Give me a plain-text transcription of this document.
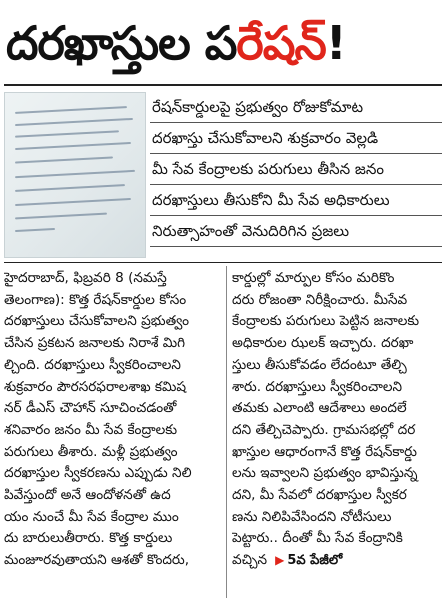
దరఖాస్తుల ప రేషన్ !
రేషన్‌కార్డులపై ప్రభుత్వం రోజుకోమాట
దరఖాస్తు చేసుకోవాలని శుక్రవారం వెల్లడి
మీ సేవ కేంద్రాలకు పరుగులు తీసిన జనం
దరఖాస్తులు తీసుకోని మీ సేవ అధికారులు
నిరుత్సాహంతో వెనుదిరిగిన ప్రజలు
హైదరాబాద్, ఫిబ్రవరి 8 (నమస్తే
తెలంగాణ): కొత్త రేషన్‌కార్డుల కోసం
దరఖాస్తులు చేసుకోవాలని ప్రభుత్వం
చేసిన ప్రకటన జనాలకు నిరాశే మిగి
ల్చింది. దరఖాస్తులు స్వీకరించాలని
శుక్రవారం పౌరసరఫరాలశాఖ కమిష
నర్ డీఎస్ చౌహాన్ సూచించడంతో
శనివారం జనం మీ సేవ కేంద్రాలకు
పరుగులు తీశారు. మళ్లీ ప్రభుత్వం
దరఖాస్తుల స్వీకరణను ఎప్పుడు నిలి
పివేస్తుందో అనే ఆందోళనతో ఉద
యం నుంచే మీ సేవ కేంద్రాల ముం
దు బారులుతీరారు. కొత్త కార్డులు
మంజూరవుతాయని ఆశతో కొందరు,
కార్డుల్లో మార్పుల కోసం మరికొం
దరు రోజంతా నిరీక్షించారు. మీసేవ
కేంద్రాలకు పరుగులు పెట్టిన జనాలకు
అధికారుల ఝలక్ ఇచ్చారు. దరఖా
స్తులు తీసుకోవడం లేదంటూ తేల్చి
శారు. దరఖాస్తులు స్వీకరించాలని
తమకు ఎలాంటి ఆదేశాలు అందలే
దని తేల్చిచెప్పారు. గ్రామసభల్లో దర
ఖాస్తుల ఆధారంగానే కొత్త రేషన్‌కార్డు
లను ఇవ్వాలని ప్రభుత్వం భావిస్తున్న
దని, మీ సేవలో దరఖాస్తుల స్వీకర
ణను నిలిపివేసిందని నోటీసులు
పెట్టారు.. దీంతో మీ సేవ కేంద్రానికి
వచ్చిన ▶ 5వ పేజీలో
